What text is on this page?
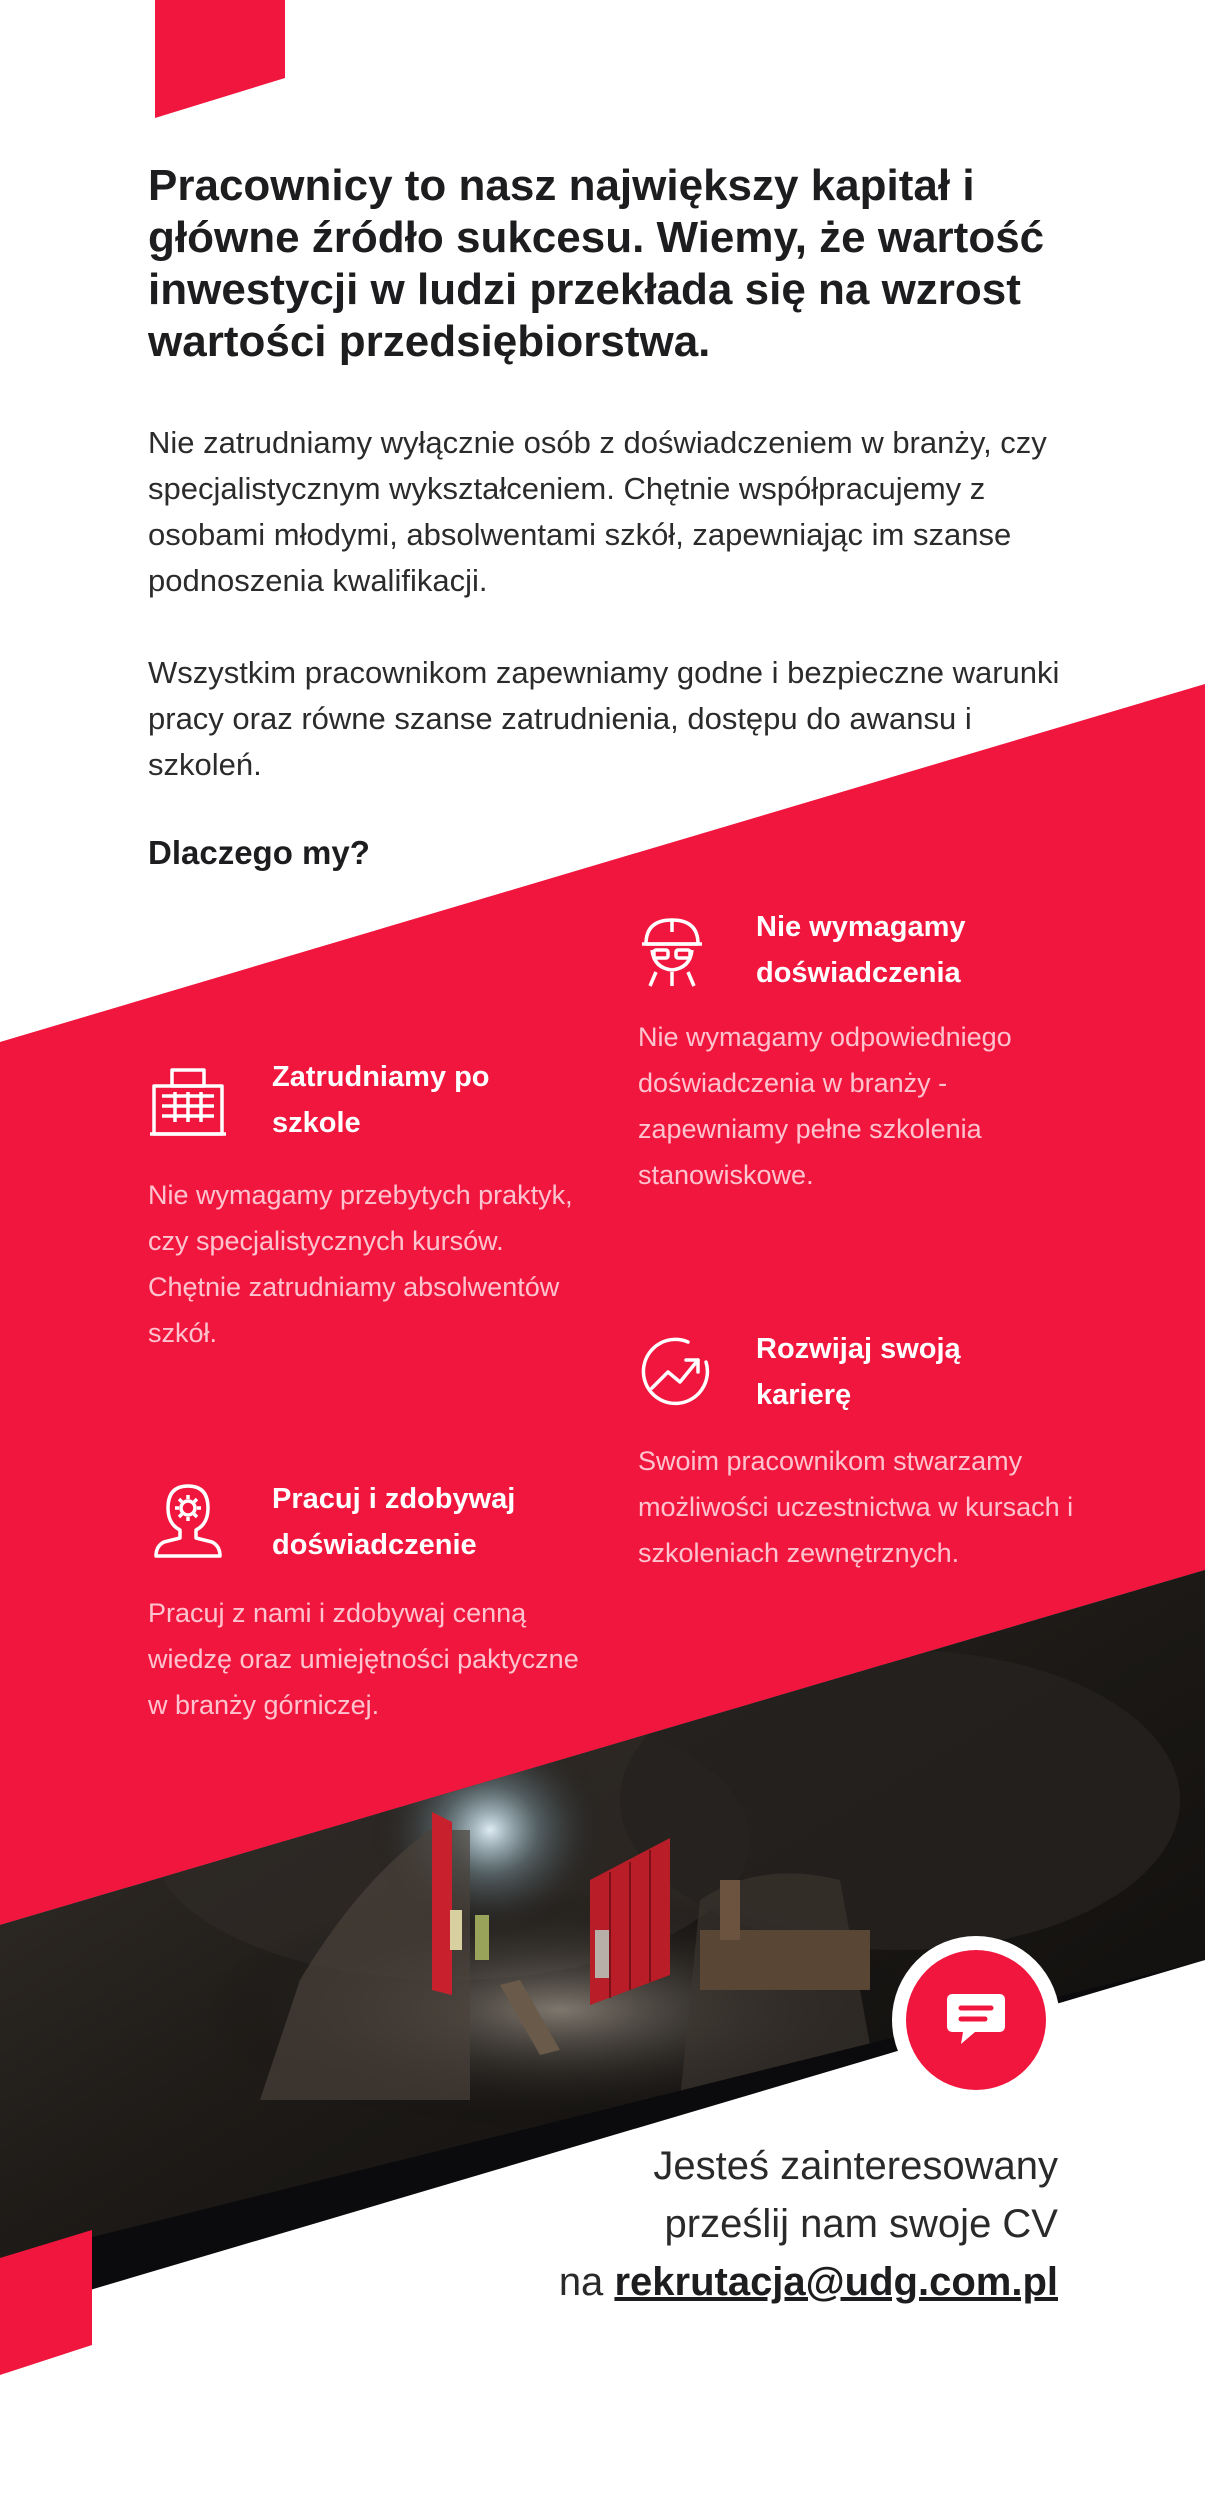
Pracownicy to nasz największy kapitał i główne źródło sukcesu. Wiemy, że wartość inwestycji w ludzi przekłada się na wzrost wartości przedsiębiorstwa.
Nie zatrudniamy wyłącznie osób z doświadczeniem w branży, czy specjalistycznym wykształceniem. Chętnie współpracujemy z osobami młodymi, absolwentami szkół, zapewniając im szanse podnoszenia kwalifikacji.
Wszystkim pracownikom zapewniamy godne i bezpieczne warunki pracy oraz równe szanse zatrudnienia, dostępu do awansu i szkoleń.
Dlaczego my?
Nie wymagamy doświadczenia
Nie wymagamy odpowiedniego doświadczenia w branży - zapewniamy pełne szkolenia stanowiskowe.
Zatrudniamy po szkole
Nie wymagamy przebytych praktyk, czy specjalistycznych kursów. Chętnie zatrudniamy absolwentów szkół.	Rozwijaj swoją karierę
Swoim pracownikom stwarzamy możliwości uczestnictwa w kursach i szkoleniach zewnętrznych.
Pracuj i zdobywaj doświadczenie
Pracuj z nami i zdobywaj cenną wiedzę oraz umiejętności paktyczne w branży górniczej.
Jesteś zainteresowany
prześlij nam swoje CV
na rekrutacja@udg.com.pl
